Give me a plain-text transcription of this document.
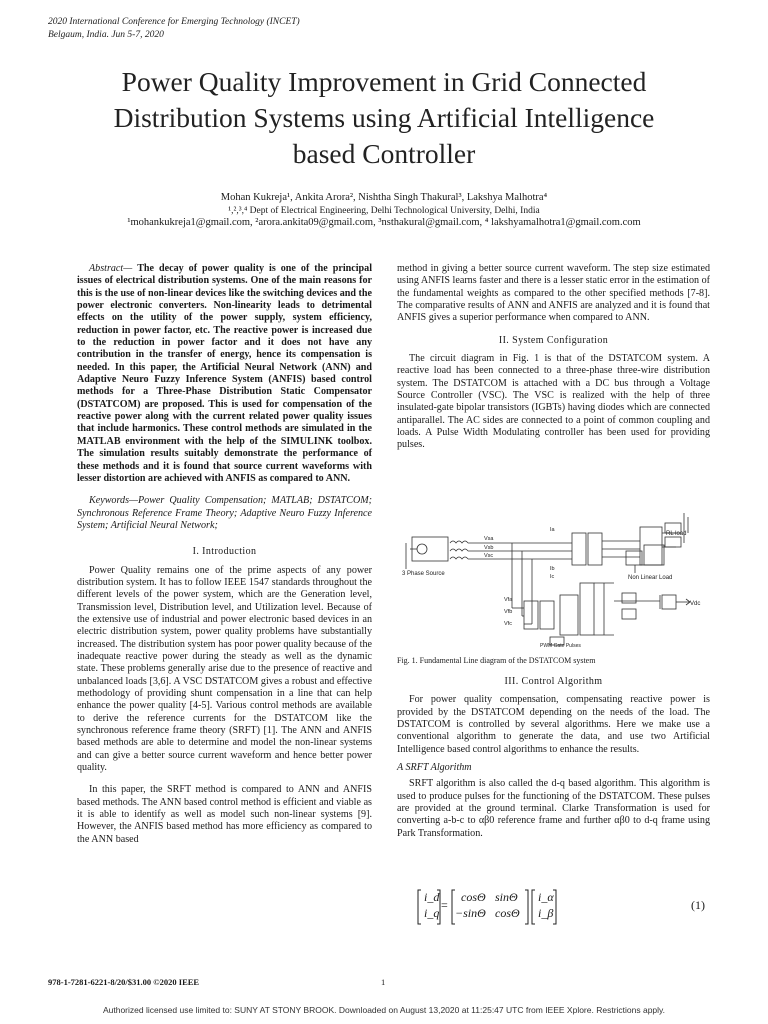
2020 International Conference for Emerging Technology (INCET)
Belgaum, India. Jun 5-7, 2020
Power Quality Improvement in Grid Connected
Distribution Systems using Artificial Intelligence
based Controller
Mohan Kukreja¹, Ankita Arora², Nishtha Singh Thakural³, Lakshya Malhotra⁴
¹,²,³,⁴ Dept of Electrical Engineering, Delhi Technological University, Delhi, India
¹mohankukreja1@gmail.com, ²arora.ankita09@gmail.com, ³nsthakural@gmail.com, ⁴ lakshyamalhotra1@gmail.com.com

Abstract— The decay of power quality is one of the principal issues of electrical distribution systems. One of the main reasons for this is the use of non-linear devices like the switching devices and the power electronic converters. Non-linearity leads to detrimental effects on the utility of the power supply, system efficiency, reduction in power factor, etc. The reactive power is increased due to the reduction in power factor and it does not have any contribution in the transfer of energy, hence its compensation is needed. In this paper, the Artificial Neural Network (ANN) and Adaptive Neuro Fuzzy Inference System (ANFIS) based control methods for a Three-Phase Distribution Static Compensator (DSTATCOM) are proposed. This is used for compensation of the reactive power along with the current related power quality issues that include harmonics. These control methods are simulated in the MATLAB environment with the help of the SIMULINK toolbox. The simulation results suitably demonstrate the performance of these methods and it is found that source current waveforms with lesser distortion are achieved with ANFIS as compared to ANN.

Keywords—Power Quality Compensation; MATLAB; DSTATCOM; Synchronous Reference Frame Theory; Adaptive Neuro Fuzzy Inference System; Artificial Neural Network;

I. Introduction

Power Quality remains one of the prime aspects of any power distribution system. It has to follow IEEE 1547 standards throughout the different levels of the power system, which are the Generation level, Transmission level, Distribution level, and Utilization level. Because of the extensive use of industrial and power electronic based devices in an electric distribution system, power quality problems have substantially increased. The distribution system has poor power quality because of the inadequate reactive power during the steady as well as the dynamic state. These problems generally arise due to the presence of reactive and unbalanced loads [3,6]. A VSC DSTATCOM gives a robust and effective methodology of providing shunt compensation in a line that can help enhance the power quality [4-5]. Various control methods are available to derive the reference currents for the DSTATCOM like the synchronous reference frame theory (SRFT) [1]. The ANN and ANFIS based methods are able to determine and model the non-linear systems and can give a better source current waveform and hence better power quality.

In this paper, the SRFT method is compared to ANN and ANFIS based methods. The ANN based control method is efficient and viable as it is able to identify as well as model such non-linear systems [9]. However, the ANFIS based method has more efficiency as compared to the ANN based

method in giving a better source current waveform. The step size estimated using ANFIS learns faster and there is a lesser static error in the estimation of the fundamental weights as compared to the other specified methods [7-8]. The comparative results of ANN and ANFIS are analyzed and it is found that ANFIS gives a superior performance when compared to ANN.

II. System Configuration

The circuit diagram in Fig. 1 is that of the DSTATCOM system. A reactive load has been connected to a three-phase three-wire distribution system. The DSTATCOM is attached with a DC bus through a Voltage Source Controller (VSC). The VSC is realized with the help of three insulated-gate bipolar transistors (IGBTs) having diodes which are connected antiparallel. The AC sides are connected to a point of common coupling and loads. A Pulse Width Modulating controller has been used for providing pulses.

3 Phase Source
Vsa
Vsb
Vsc
Ia
Ib
Ic
RL load
Non Linear Load
Vfa
Vfb
Vfc
Vdc
PWM Gate Pulses
Fig. 1. Fundamental Line diagram of the DSTATCOM system
III. Control Algorithm

For power quality compensation, compensating reactive power is provided by the DSTATCOM depending on the needs of the load. The DSTATCOM is controlled by several algorithms. Here we make use a conventional algorithm to generate the data, and use two Artificial Intelligence based control algorithms to enhance the results.

A SRFT Algorithm

SRFT algorithm is also called the d-q based algorithm. This algorithm is used to produce pulses for the functioning of the DSTATCOM. These pulses are provided at the ground terminal. Clarke Transformation is used for converting a-b-c to αβ0 reference frame and further αβ0 to d-q frame using Park Transformation.

i_d
i_q
=
cosΘ sinΘ
−sinΘ cosΘ
i_α
i_β
(1)
978-1-7281-6221-8/20/$31.00 ©2020 IEEE	1
Authorized licensed use limited to: SUNY AT STONY BROOK. Downloaded on August 13,2020 at 11:25:47 UTC from IEEE Xplore. Restrictions apply.
